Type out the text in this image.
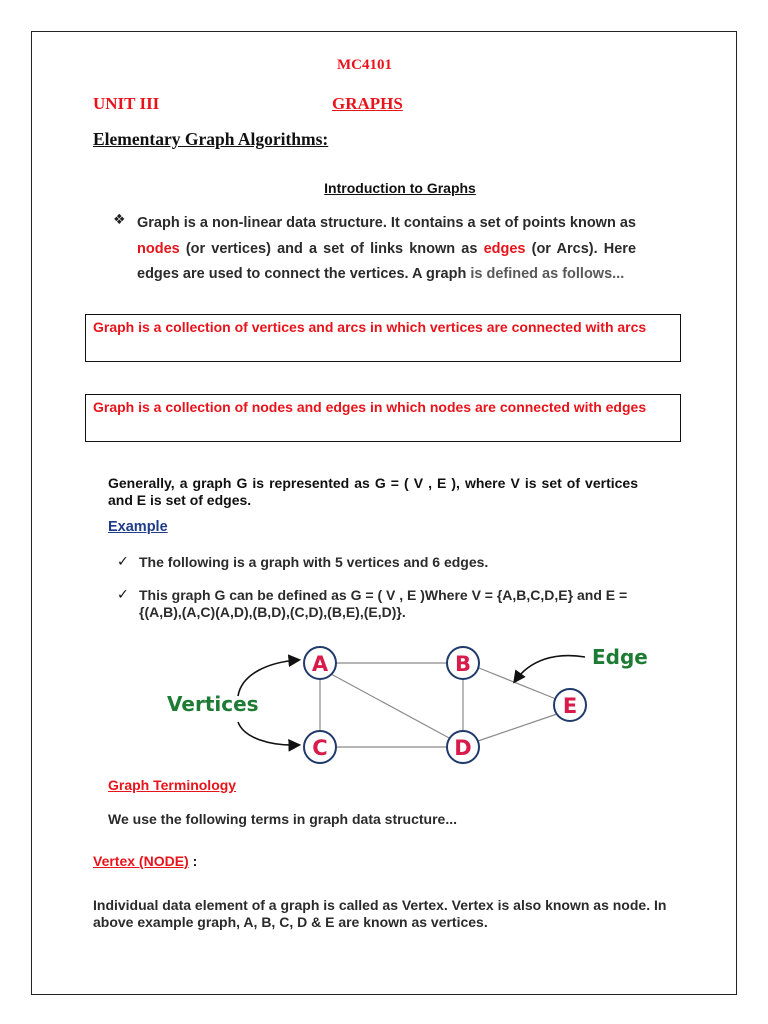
MC4101
UNIT III	GRAPHS
Elementary Graph Algorithms:
Introduction to Graphs
❖ Graph is a non-linear data structure. It contains a set of points known as nodes (or vertices) and a set of links known as edges (or Arcs). Here edges are used to connect the vertices. A graph is defined as follows...

Graph is a collection of vertices and arcs in which vertices are connected with arcs
Graph is a collection of nodes and edges in which nodes are connected with edges

Generally, a graph G is represented as G = ( V , E ), where V is set of vertices and E is set of edges.

Example
✓ The following is a graph with 5 vertices and 6 edges.
✓ This graph G can be defined as G = ( V , E )Where V = {A,B,C,D,E} and E = {(A,B),(A,C)(A,D),(B,D),(C,D),(B,E),(E,D)}.
A	B
C	D
E
Vertices
Edge
Graph Terminology
We use the following terms in graph data structure...
Vertex (NODE) :

Individual data element of a graph is called as Vertex. Vertex is also known as node. In above example graph, A, B, C, D & E are known as vertices.
